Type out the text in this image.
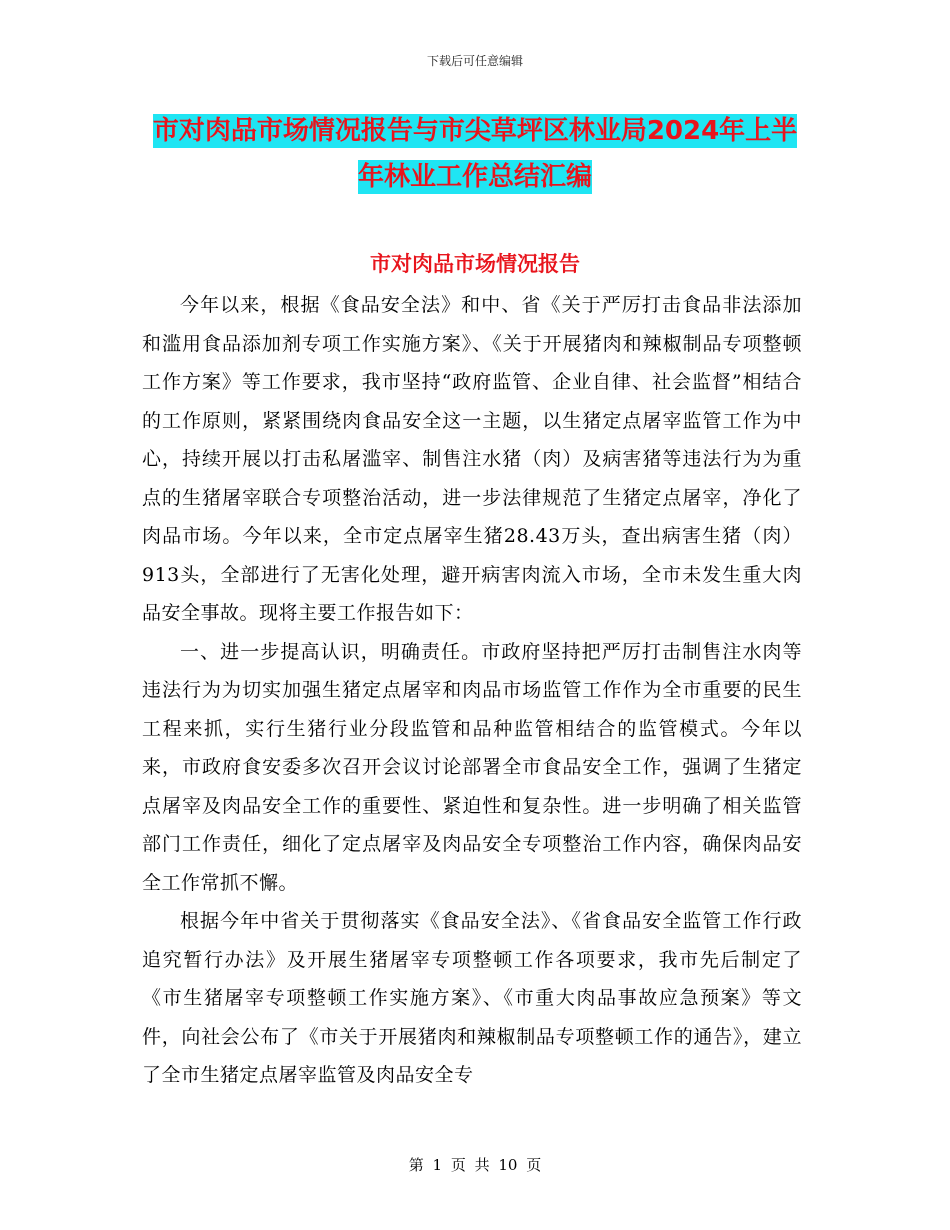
下载后可任意编辑
市对肉品市场情况报告与市尖草坪区林业局2024年上半年林业工作总结汇编
市对肉品市场情况报告

今年以来，根据《食品安全法》和中、省《关于严厉打击食品非法添加和滥用食品添加剂专项工作实施方案》、《关于开展猪肉和辣椒制品专项整顿工作方案》等工作要求，我市坚持“政府监管、企业自律、社会监督”相结合的工作原则，紧紧围绕肉食品安全这一主题，以生猪定点屠宰监管工作为中心，持续开展以打击私屠滥宰、制售注水猪（肉）及病害猪等违法行为为重点的生猪屠宰联合专项整治活动，进一步法律规范了生猪定点屠宰，净化了肉品市场。今年以来，全市定点屠宰生猪28.43万头，查出病害生猪（肉）913头，全部进行了无害化处理，避开病害肉流入市场，全市未发生重大肉品安全事故。现将主要工作报告如下：

一、进一步提高认识，明确责任。市政府坚持把严厉打击制售注水肉等违法行为为切实加强生猪定点屠宰和肉品市场监管工作作为全市重要的民生工程来抓，实行生猪行业分段监管和品种监管相结合的监管模式。今年以来，市政府食安委多次召开会议讨论部署全市食品安全工作，强调了生猪定点屠宰及肉品安全工作的重要性、紧迫性和复杂性。进一步明确了相关监管部门工作责任，细化了定点屠宰及肉品安全专项整治工作内容，确保肉品安全工作常抓不懈。

根据今年中省关于贯彻落实《食品安全法》、《省食品安全监管工作行政追究暂行办法》及开展生猪屠宰专项整顿工作各项要求，我市先后制定了《市生猪屠宰专项整顿工作实施方案》、《市重大肉品事故应急预案》等文件，向社会公布了《市关于开展猪肉和辣椒制品专项整顿工作的通告》，建立了全市生猪定点屠宰监管及肉品安全专

第 1 页 共 10 页
